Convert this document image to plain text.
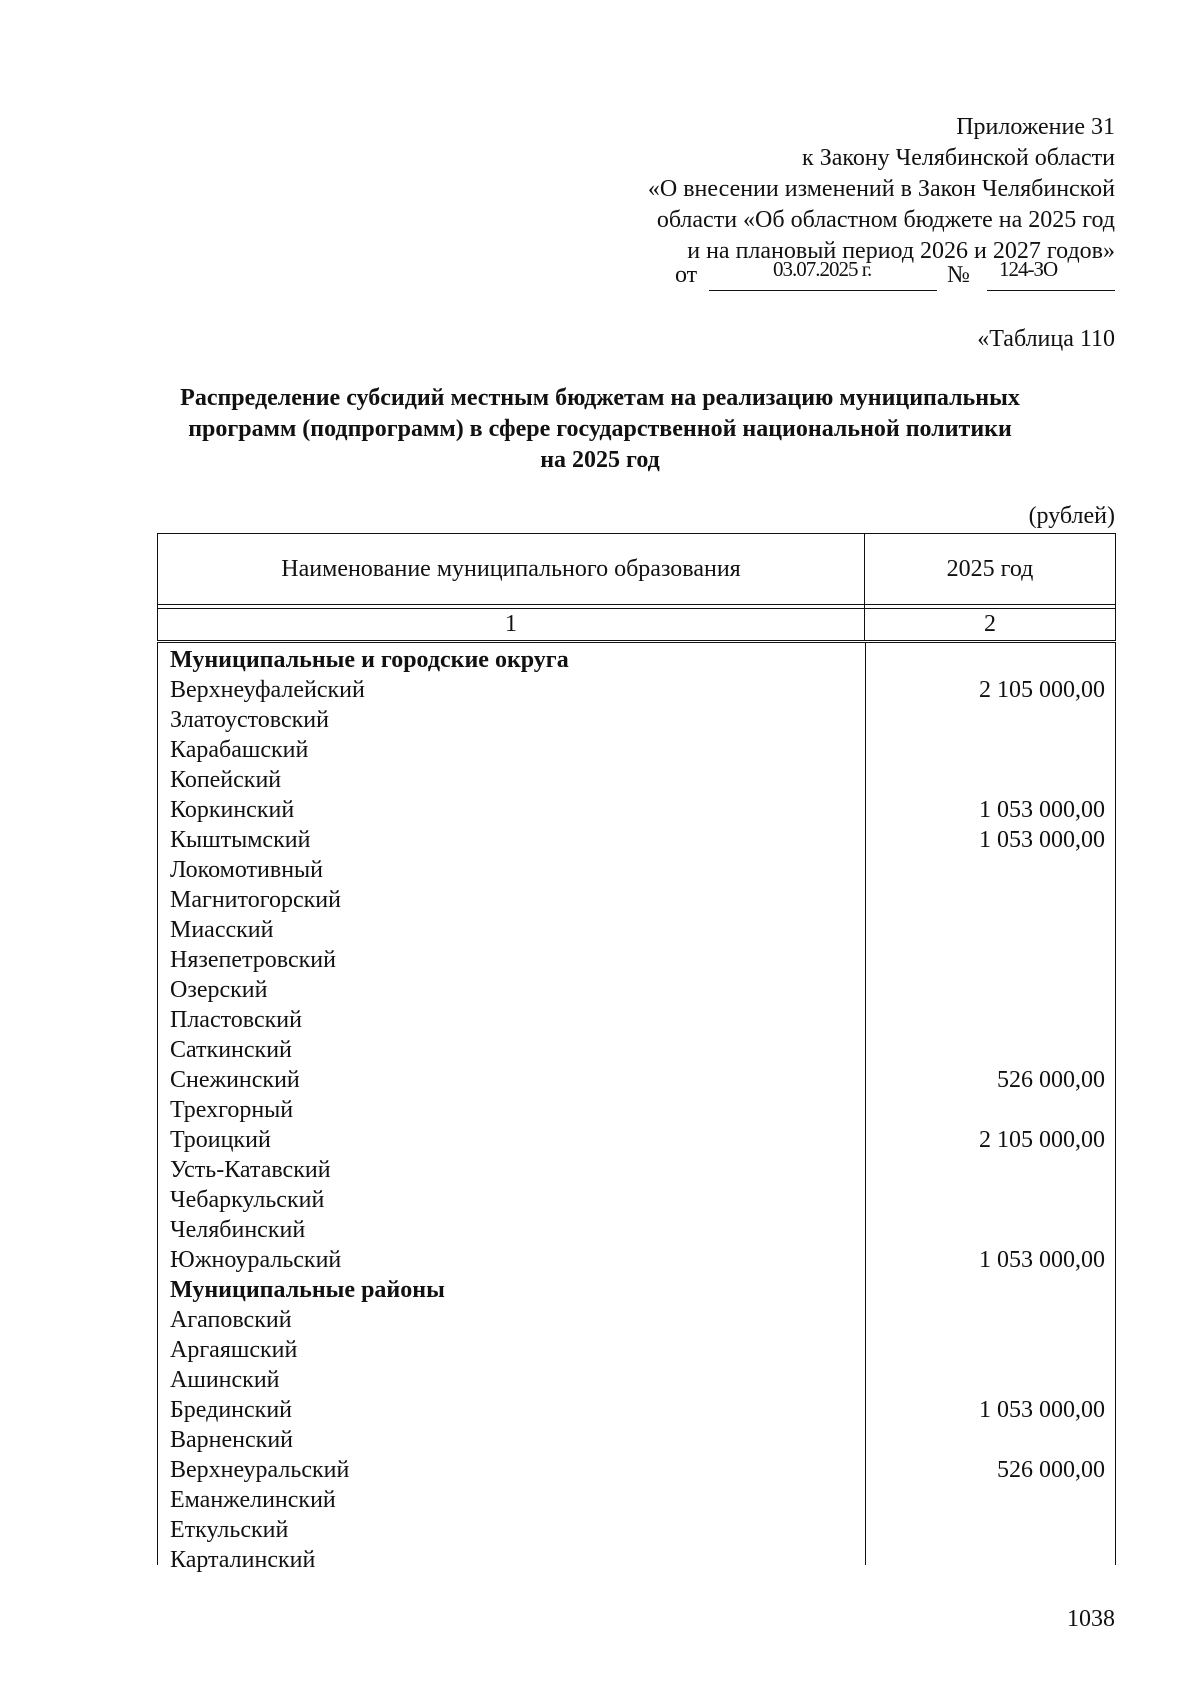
Приложение 31
к Закону Челябинской области
«О внесении изменений в Закон Челябинской
области «Об областном бюджете на 2025 год
и на плановый период 2026 и 2027 годов»
от	03.07.2025 г.	№ 124-ЗО
«Таблица 110
Распределение субсидий местным бюджетам на реализацию муниципальных
программ (подпрограмм) в сфере государственной национальной политики
на 2025 год
(рублей)
Наименование муниципального образования	2025 год

1	2
Муниципальные и городские округа
Верхнеуфалейский	2 105 000,00
Златоустовский
Карабашский
Копейский
Коркинский	1 053 000,00
Кыштымский	1 053 000,00
Локомотивный
Магнитогорский
Миасский
Нязепетровский
Озерский
Пластовский
Саткинский
Снежинский	526 000,00
Трехгорный
Троицкий	2 105 000,00
Усть-Катавский
Чебаркульский
Челябинский
Южноуральский	1 053 000,00
Муниципальные районы
Агаповский
Аргаяшский
Ашинский
Брединский	1 053 000,00
Варненский
Верхнеуральский	526 000,00
Еманжелинский
Еткульский
Карталинский
1038
